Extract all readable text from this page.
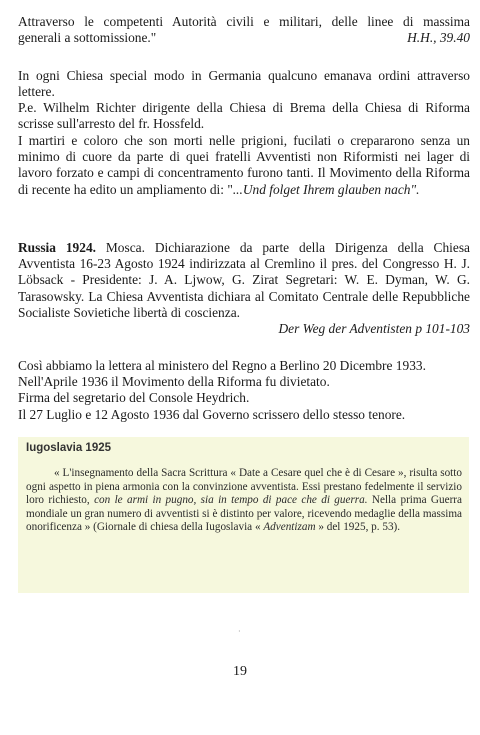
Attraverso le competenti Autorità civili e militari, delle linee di massima
generali a sottomissione."	H.H., 39.40
In ogni Chiesa special modo in Germania qualcuno emanava ordini attraverso lettere.
P.e. Wilhelm Richter dirigente della Chiesa di Brema della Chiesa di Riforma scrisse sull'arresto del fr. Hossfeld.
I martiri e coloro che son morti nelle prigioni, fucilati o crepararono senza un minimo di cuore da parte di quei fratelli Avventisti non Riformisti nei lager di lavoro forzato e campi di concentramento furono tanti. Il Movimento della Riforma di recente ha edito un ampliamento di: "...Und folget Ihrem glauben nach".
Russia 1924. Mosca. Dichiarazione da parte della Dirigenza della Chiesa Avventista 16-23 Agosto 1924 indirizzata al Cremlino il pres. del Congresso H. J. Löbsack - Presidente: J. A. Ljwow, G. Zirat Segretari: W. E. Dyman, W. G. Tarasowsky. La Chiesa Avventista dichiara al Comitato Centrale delle Repubbliche Socialiste Sovietiche libertà di coscienza.
Der Weg der Adventisten p 101-103
Così abbiamo la lettera al ministero del Regno a Berlino 20 Dicembre 1933.
Nell'Aprile 1936 il Movimento della Riforma fu divietato.
Firma del segretario del Console Heydrich.
Il 27 Luglio e 12 Agosto 1936 dal Governo scrissero dello stesso tenore.
Iugoslavia 1925
« L'insegnamento della Sacra Scrittura « Date a Cesare quel che è di Cesare », risulta sotto ogni aspetto in piena armonia con la convinzione avventista. Essi prestano fedelmente il servizio loro richiesto, con le armi in pugno, sia in tempo di pace che di guerra. Nella prima Guerra mondiale un gran numero di avventisti si è distinto per valore, ricevendo medaglie della massima onorificenza » (Giornale di chiesa della Iugoslavia « Adventizam » del 1925, p. 53).
·
19
